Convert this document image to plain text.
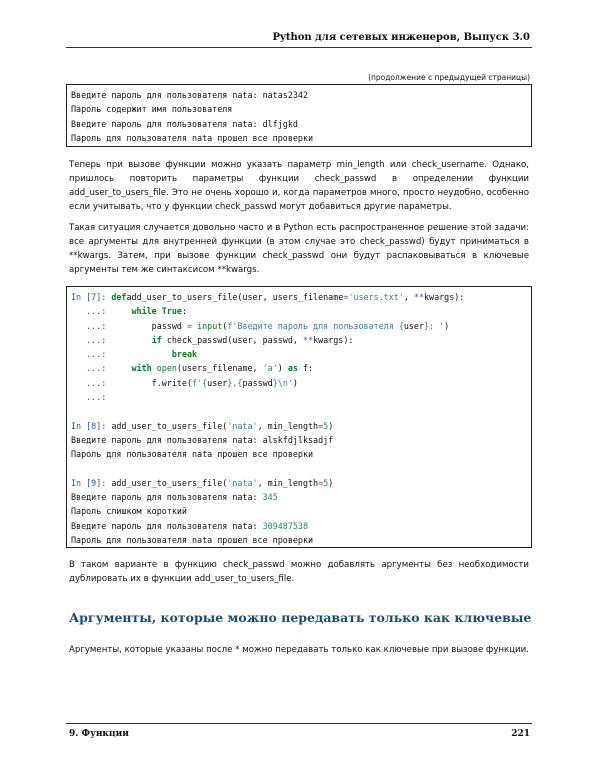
Python для сетевых инженеров, Выпуск 3.0
(продолжение с предыдущей страницы)
Введите пароль для пользователя nata: natas2342
Пароль содержит имя пользователя
Введите пароль для пользователя nata: dlfjgkd
Пароль для пользователя nata прошел все проверки
Теперь при вызове функции можно указать параметр min_length или check_username. Однако, пришлось повторить параметры функции check_passwd в определении функции add_user_to_users_file. Это не очень хорошо и, когда параметров много, просто неудобно, особенно если учитывать, что у функции check_passwd могут добавиться другие параметры.
Такая ситуация случается довольно часто и в Python есть распространенное решение этой задачи: все аргументы для внутренней функции (в этом случае это check_passwd) будут приниматься в **kwargs. Затем, при вызове функции check_passwd они будут распаковываться в ключевые аргументы тем же синтаксисом **kwargs.
In [7]: defadd_user_to_users_file(user, users_filename='users.txt', **kwargs):
...:     while True:
...:         passwd = input(f'Введите пароль для пользователя {user}: ')
...:	if check_passwd(user, passwd, **kwargs):
...:	break
...:     with open(users_filename, 'a') as f:
...:         f.write(f'{user},{passwd}\n')
...:
In [8]: add_user_to_users_file('nata', min_length=5)
Введите пароль для пользователя nata: alskfdjlksadjf
Пароль для пользователя nata прошел все проверки
In [9]: add_user_to_users_file('nata', min_length=5)
Введите пароль для пользователя nata: 345
Пароль слишком короткий
Введите пароль для пользователя nata: 309487538
Пароль для пользователя nata прошел все проверки
В таком варианте в функцию check_passwd можно добавлять аргументы без необходимости дублировать их в функции add_user_to_users_file.
Аргументы, которые можно передавать только как ключевые
Аргументы, которые указаны после * можно передавать только как ключевые при вызове функции.
9. Функции	221
